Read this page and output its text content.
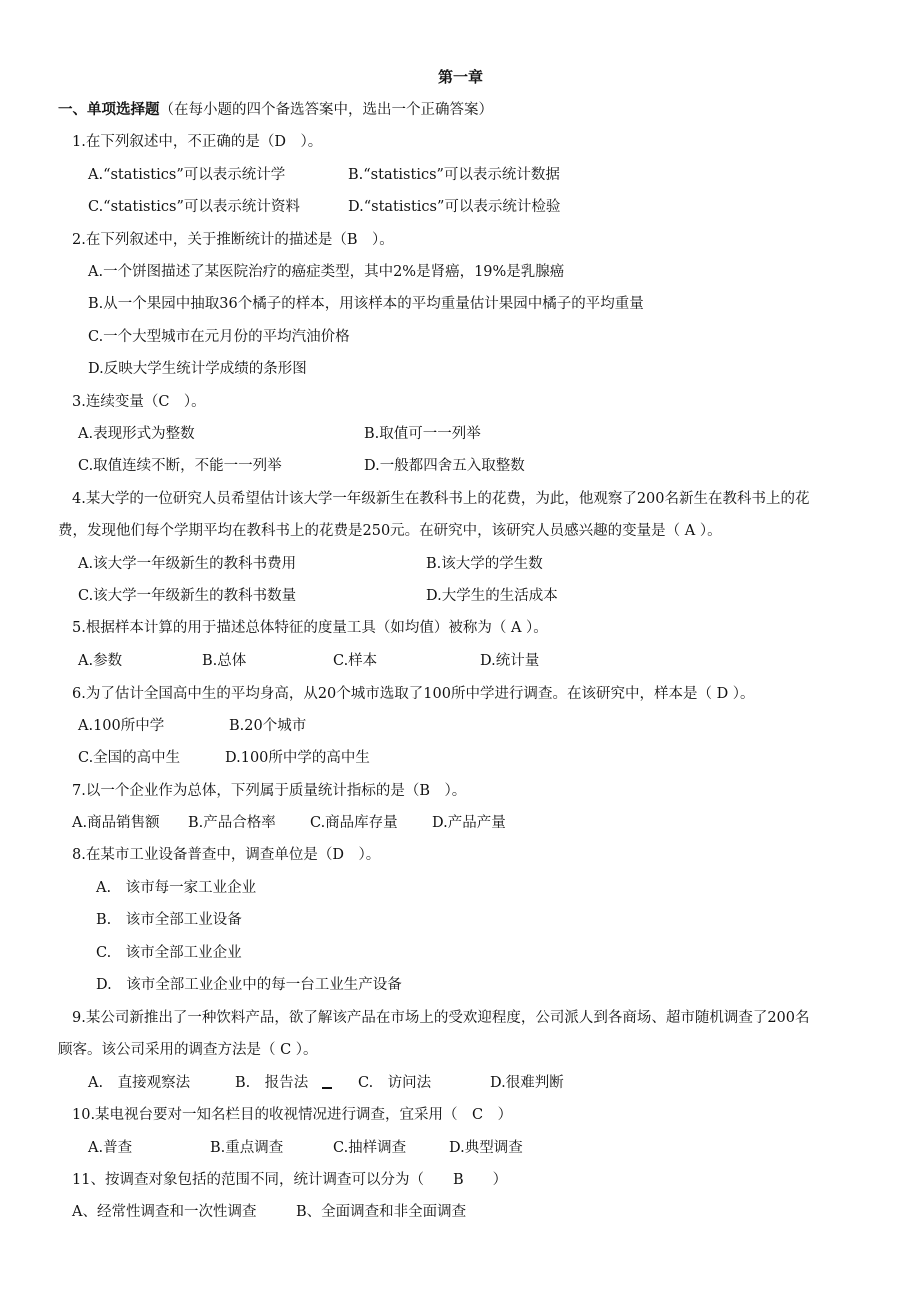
第一章
一、单项选择题（在每小题的四个备选答案中，选出一个正确答案）
1.在下列叙述中，不正确的是（D　）。
A.“statistics”可以表示统计学	B.“statistics”可以表示统计数据
C.“statistics”可以表示统计资料	D.“statistics”可以表示统计检验
2.在下列叙述中，关于推断统计的描述是（B　）。
A.一个饼图描述了某医院治疗的癌症类型，其中2%是肾癌，19%是乳腺癌
B.从一个果园中抽取36个橘子的样本，用该样本的平均重量估计果园中橘子的平均重量
C.一个大型城市在元月份的平均汽油价格
D.反映大学生统计学成绩的条形图
3.连续变量（C　）。
A.表现形式为整数	B.取值可一一列举
C.取值连续不断，不能一一列举	D.一般都四舍五入取整数
4.某大学的一位研究人员希望估计该大学一年级新生在教科书上的花费，为此，他观察了200名新生在教科书上的花
费，发现他们每个学期平均在教科书上的花费是250元。在研究中，该研究人员感兴趣的变量是（ A ）。
A.该大学一年级新生的教科书费用	B.该大学的学生数
C.该大学一年级新生的教科书数量	D.大学生的生活成本
5.根据样本计算的用于描述总体特征的度量工具（如均值）被称为（ A ）。
A.参数	B.总体	C.样本	D.统计量
6.为了估计全国高中生的平均身高，从20个城市选取了100所中学进行调查。在该研究中，样本是（ D ）。
A.100所中学	B.20个城市
C.全国的高中生	D.100所中学的高中生
7.以一个企业作为总体，下列属于质量统计指标的是（B　）。
A.商品销售额 B.产品合格率 C.商品库存量 D.产品产量
8.在某市工业设备普查中，调查单位是（D　）。
A.　该市每一家工业企业
B.　该市全部工业设备
C.　该市全部工业企业
D.　该市全部工业企业中的每一台工业生产设备
9.某公司新推出了一种饮料产品，欲了解该产品在市场上的受欢迎程度，公司派人到各商场、超市随机调查了200名
顾客。该公司采用的调查方法是（ C ）。
A.　直接观察法	B.　报告法	C.　访问法	D.很难判断
10.某电视台要对一知名栏目的收视情况进行调查，宜采用（　C　）
A.普查	B.重点调查	C.抽样调查	D.典型调查
11、按调查对象包括的范围不同，统计调查可以分为（　　B　　）
A、经常性调查和一次性调查	B、全面调查和非全面调查
